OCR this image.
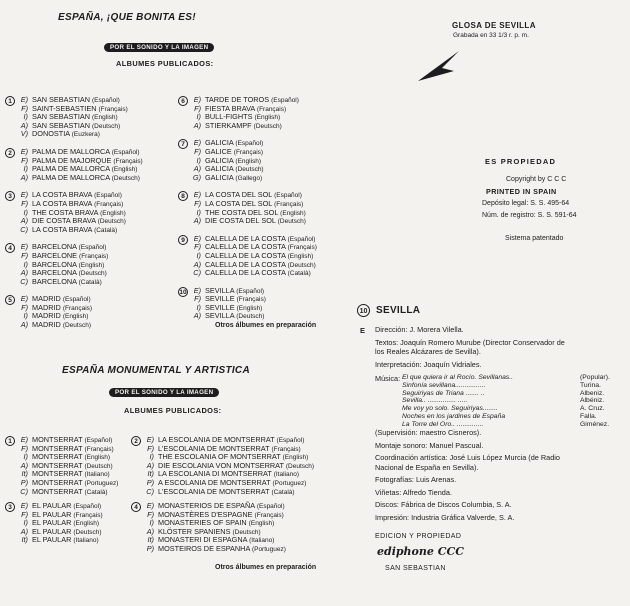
ESPAÑA, ¡QUE BONITA ES!
POR EL SONIDO Y LA IMAGEN
ALBUMES PUBLICADOS:
GLOSA DE SEVILLA
Grabada en 33 1/3 r. p. m.
1	E) SAN SEBASTIAN (Español)
F) SAINT-SEBASTIEN (Français)
I) SAN SEBASTIAN (English)
A) SAN SEBASTIAN (Deutsch)
V) DONOSTIA (Euzkera)
2	E) PALMA DE MALLORCA (Español)
F) PALMA DE MAJORQUE (Français)
I) PALMA DE MALLORCA (English)
A) PALMA DE MALLORCA (Deutsch)
3	E) LA COSTA BRAVA (Español)
F) LA COSTA BRAVA (Français)
I) THE COSTA BRAVA (English)
A) DIE COSTA BRAVA (Deutsch)
C) LA COSTA BRAVA (Català)
4	E) BARCELONA (Español)
F) BARCELONE (Français)
I) BARCELONA (English)
A) BARCELONA (Deutsch)
C) BARCELONA (Català)
5	E) MADRID (Español)
F) MADRID (Français)
I) MADRID (English)
A) MADRID (Deutsch)
6	E) TARDE DE TOROS (Español)
F) FIESTA BRAVA (Français)
I) BULL-FIGHTS (English)
A) STIERKAMPF (Deutsch)
7	E) GALICIA (Español)
F) GALICE (Français)
I) GALICIA (English)
A) GALICIA (Deutsch)
G) GALICIA (Gallego)
8	E) LA COSTA DEL SOL (Español)
F) LA COSTA DEL SOL (Français)
I) THE COSTA DEL SOL (English)
A) DIE COSTA DEL SOL (Deutsch)
9	E) CALELLA DE LA COSTA (Español)
F) CALELLA DE LA COSTA (Français)
I) CALELLA DE LA COSTA (English)
A) CALELLA DE LA COSTA (Deutsch)
C) CALELLA DE LA COSTA (Català)
10 E) SEVILLA (Español)
F) SEVILLE (Français)
I) SEVILLE (English)
A) SEVILLA (Deutsch)
Otros álbumes en preparación
ESPAÑA MONUMENTAL Y ARTISTICA
POR EL SONIDO Y LA IMAGEN
ALBUMES PUBLICADOS:
1	E) MONTSERRAT (Español)
F) MONTSERRAT (Français)
I) MONTSERRAT (English)
A) MONTSERRAT (Deutsch)
It) MONTSERRAT (Italiano)
P) MONTSERRAT (Portuguez)
C) MONTSERRAT (Català)
2	E) LA ESCOLANIA DE MONTSERRAT (Español)
F) L'ESCOLANIA DE MONTSERRAT (Français)
I) THE ESCOLANIA OF MONTSERRAT (English)
A) DIE ESCOLANIA VON MONTSERRAT (Deutsch)
It) LA ESCOLANIA DI MONTSERRAT (Italiano)
P) A ESCOLANIA DE MONTSERRAT (Portuguez)
C) L'ESCOLANIA DE MONTSERRAT (Català)
3	E) EL PAULAR (Español)
F) EL PAULAR (Français)
I) EL PAULAR (English)
A) EL PAULAR (Deutsch)
It) EL PAULAR (Italiano)
4	E) MONASTERIOS DE ESPAÑA (Español)
F) MONASTÈRES D'ESPAGNE (Français)
I) MONASTERIES OF SPAIN (English)
A) KLÖSTER SPANIENS (Deutsch)
It) MONASTERI DI ESPAGNA (Italiano)
P) MOSTEIROS DE ESPANHA (Portuguez)
Otros álbumes en preparación
ES PROPIEDAD
Copyright by C C C
PRINTED IN SPAIN
Depósito legal: S. S. 495-64
Núm. de registro: S. S. 591-64
Sistema patentado
10 SEVILLA
E Dirección: J. Morera Vilella.
Textos: Joaquín Romero Murube (Director Conservador de
los Reales Alcázares de Sevilla).
Interpretación: Joaquín Vidriales.
Música: El que quiera ir al Rocío. Sevillanas..	(Popular).
Sinfonía sevillana................	Turina.
Seguiriyas de Triana ....... ..	Albeniz.
Sevilla.. ............... .....	Albéniz.
Me voy yo solo. Seguiriyas........	A. Cruz.
Noches en los jardines de España	Falla.
La Torre del Oro.. ..............	Giménez.
(Supervisión: maestro Cisneros).
Montaje sonoro: Manuel Pascual.
Coordinación artística: José Luis López Murcia (de Radio
Nacional de España en Sevilla).
Fotografías: Luis Arenas.
Viñetas: Alfredo Tienda.
Discos: Fábrica de Discos Columbia, S. A.
Impresión: Industria Gráfica Valverde, S. A.
EDICION Y PROPIEDAD
ediphone CCC
SAN SEBASTIAN
